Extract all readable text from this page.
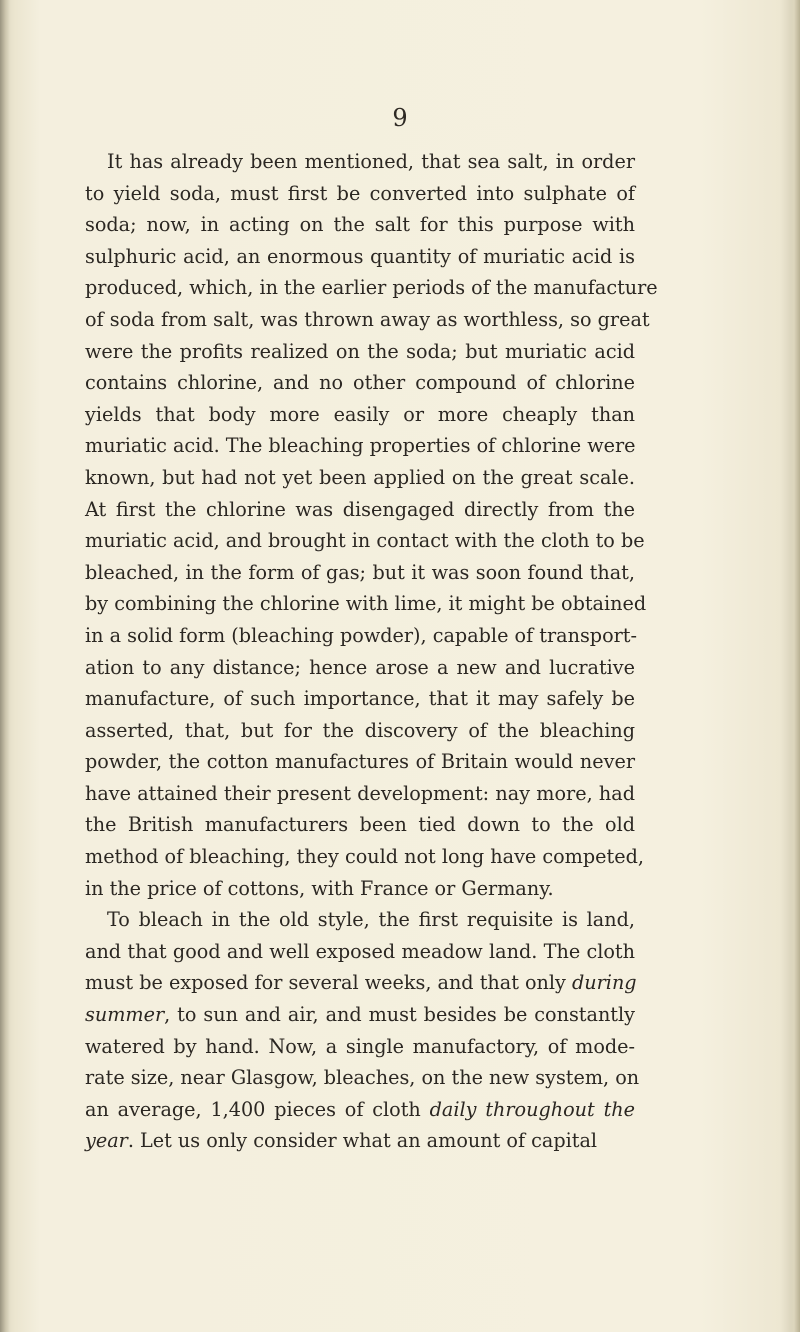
9
It has already been mentioned, that sea salt, in order
to yield soda, must first be converted into sulphate of
soda; now, in acting on the salt for this purpose with
sulphuric acid, an enormous quantity of muriatic acid is
produced, which, in the earlier periods of the manufacture
of soda from salt, was thrown away as worthless, so great
were the profits realized on the soda; but muriatic acid
contains chlorine, and no other compound of chlorine
yields that body more easily or more cheaply than
muriatic acid. The bleaching properties of chlorine were
known, but had not yet been applied on the great scale.
At first the chlorine was disengaged directly from the
muriatic acid, and brought in contact with the cloth to be
bleached, in the form of gas; but it was soon found that,
by combining the chlorine with lime, it might be obtained
in a solid form (bleaching powder), capable of transport-
ation to any distance; hence arose a new and lucrative
manufacture, of such importance, that it may safely be
asserted, that, but for the discovery of the bleaching
powder, the cotton manufactures of Britain would never
have attained their present development: nay more, had
the British manufacturers been tied down to the old
method of bleaching, they could not long have competed,
in the price of cottons, with France or Germany.
To bleach in the old style, the first requisite is land,
and that good and well exposed meadow land. The cloth
must be exposed for several weeks, and that only during
summer, to sun and air, and must besides be constantly
watered by hand. Now, a single manufactory, of mode-
rate size, near Glasgow, bleaches, on the new system, on
an average, 1,400 pieces of cloth daily throughout the
year. Let us only consider what an amount of capital
